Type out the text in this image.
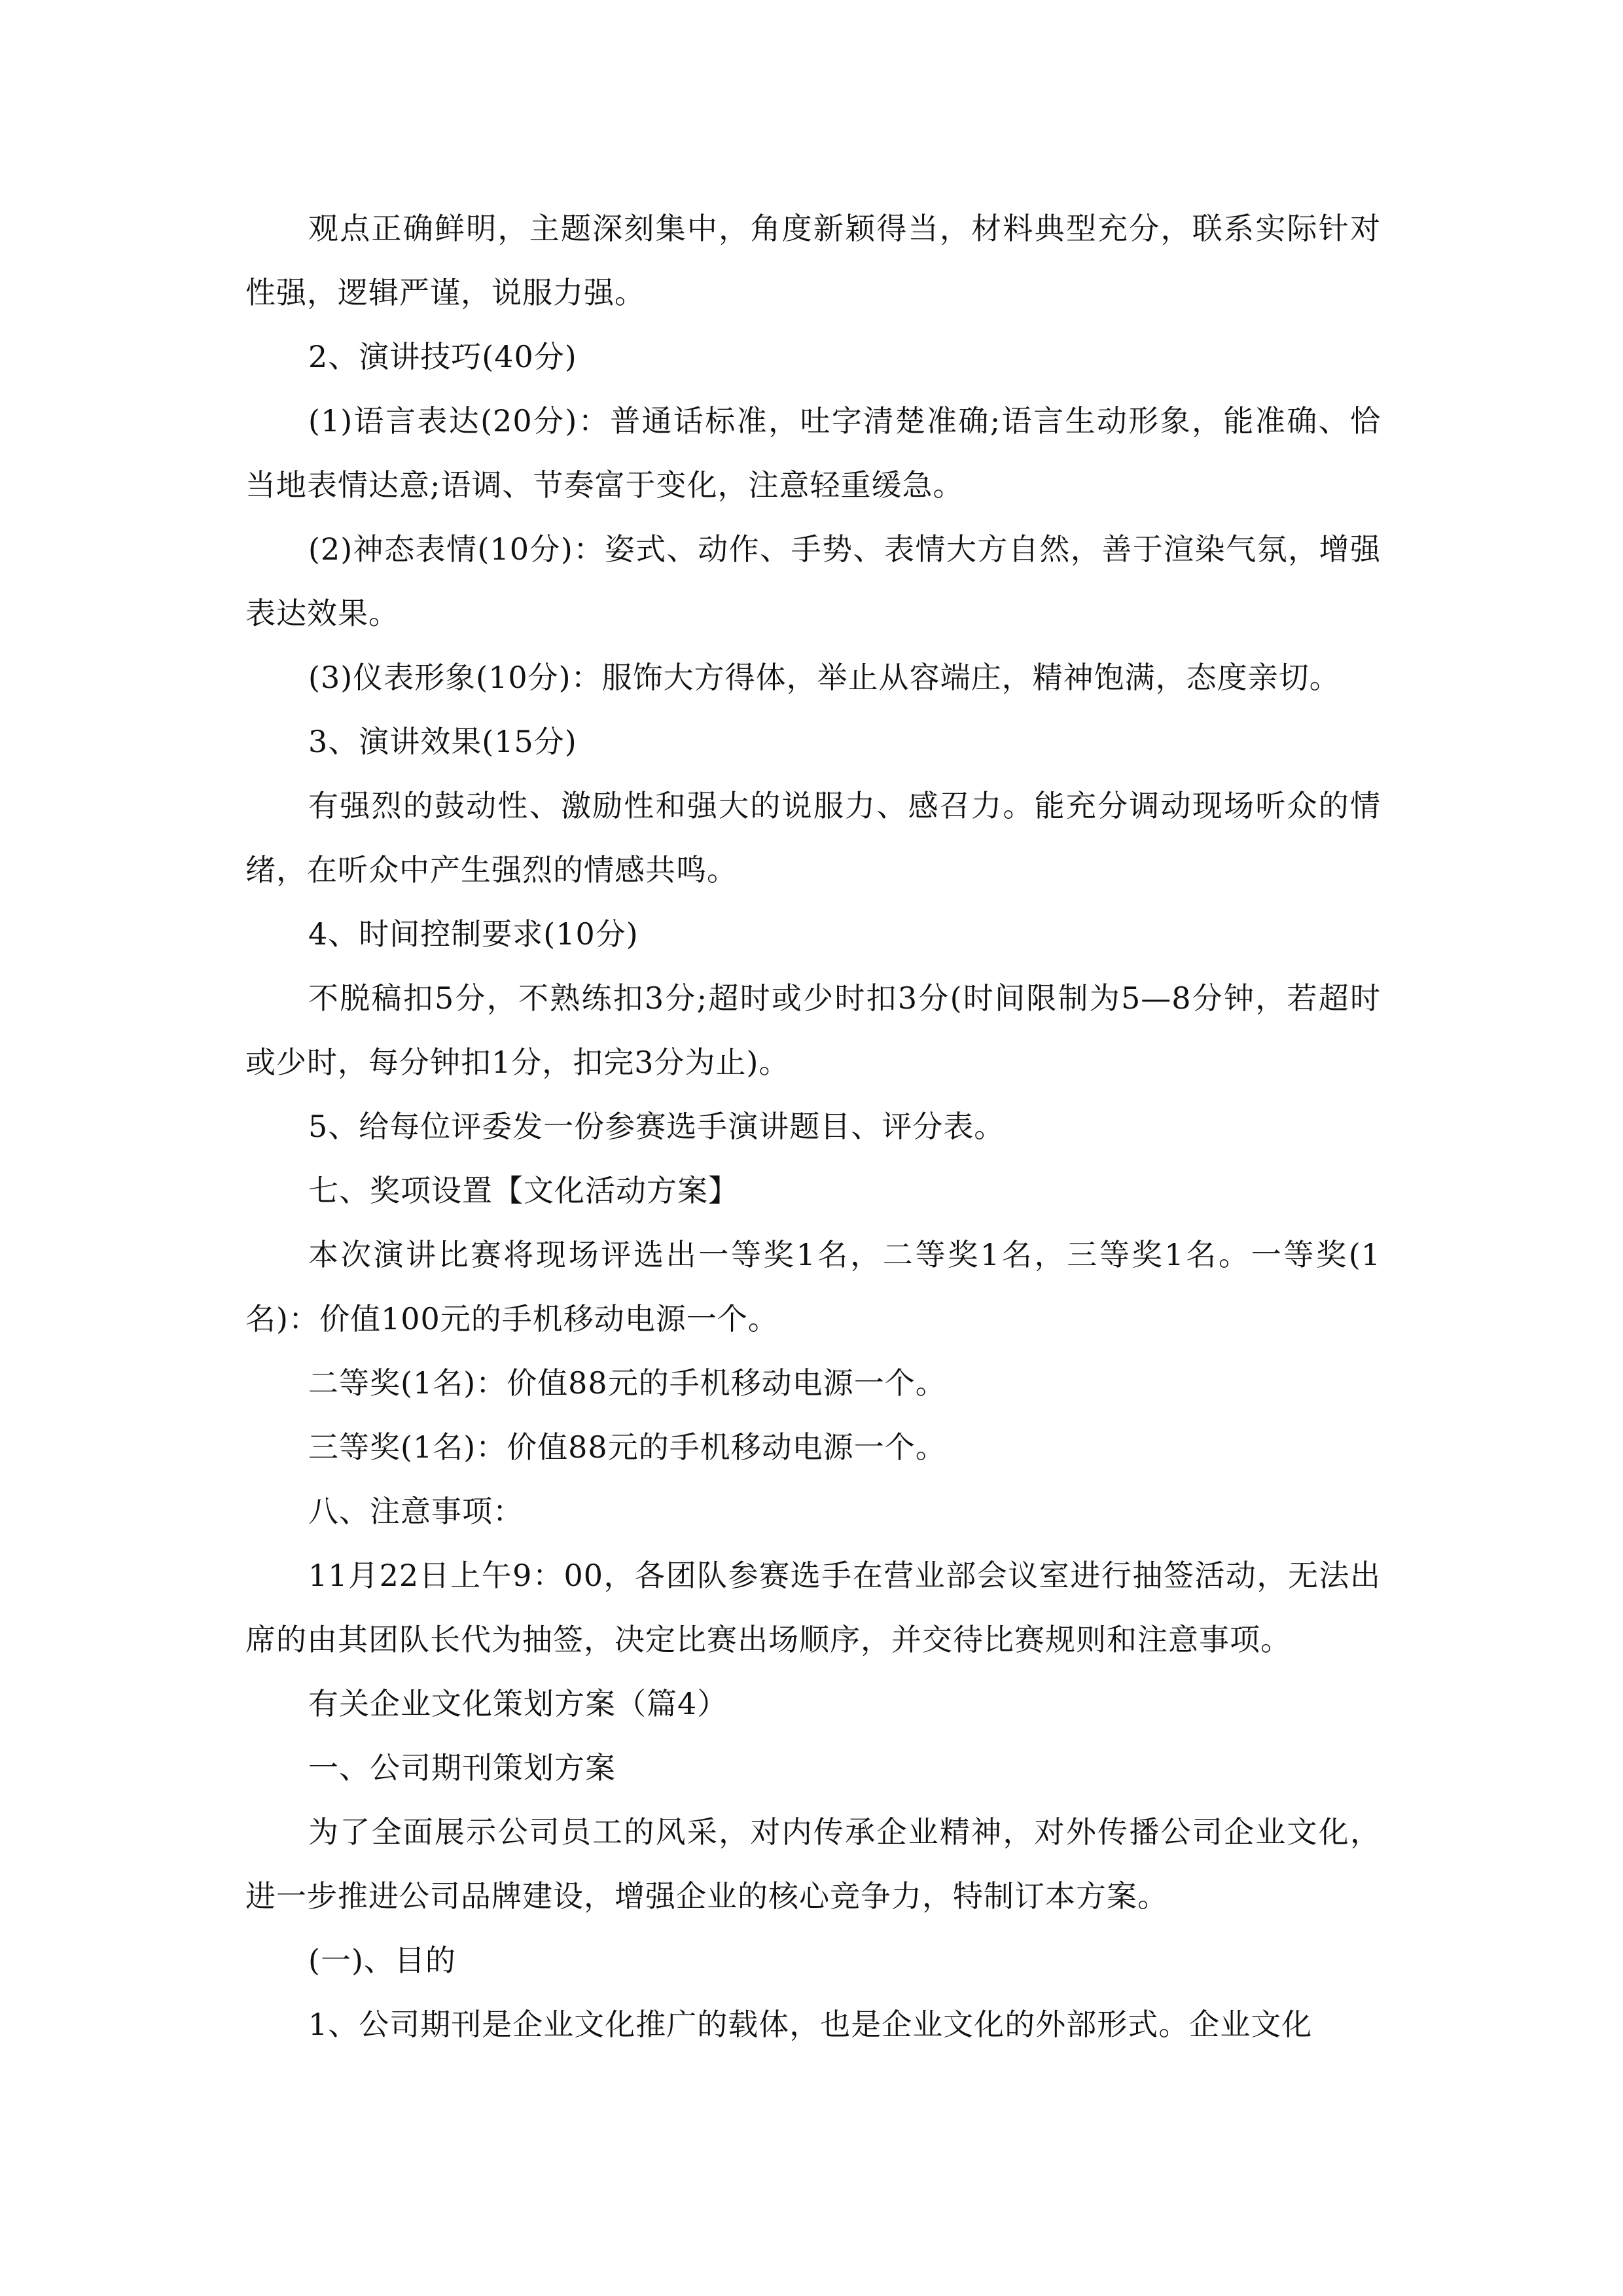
观点正确鲜明，主题深刻集中，角度新颖得当，材料典型充分，联系实际针对性强，逻辑严谨，说服力强。

2、演讲技巧(40分)

(1)语言表达(20分)：普通话标准，吐字清楚准确;语言生动形象，能准确、恰当地表情达意;语调、节奏富于变化，注意轻重缓急。

(2)神态表情(10分)：姿式、动作、手势、表情大方自然，善于渲染气氛，增强表达效果。

(3)仪表形象(10分)：服饰大方得体，举止从容端庄，精神饱满，态度亲切。

3、演讲效果(15分)

有强烈的鼓动性、激励性和强大的说服力、感召力。能充分调动现场听众的情绪，在听众中产生强烈的情感共鸣。

4、时间控制要求(10分)

不脱稿扣5分，不熟练扣3分;超时或少时扣3分(时间限制为5—8分钟，若超时或少时，每分钟扣1分，扣完3分为止)。

5、给每位评委发一份参赛选手演讲题目、评分表。

七、奖项设置【文化活动方案】

本次演讲比赛将现场评选出一等奖1名，二等奖1名，三等奖1名。一等奖(1名)：价值100元的手机移动电源一个。

二等奖(1名)：价值88元的手机移动电源一个。

三等奖(1名)：价值88元的手机移动电源一个。

八、注意事项：

11月22日上午9：00，各团队参赛选手在营业部会议室进行抽签活动，无法出席的由其团队长代为抽签，决定比赛出场顺序，并交待比赛规则和注意事项。

有关企业文化策划方案（篇4）

一、公司期刊策划方案

为了全面展示公司员工的风采，对内传承企业精神，对外传播公司企业文化，进一步推进公司品牌建设，增强企业的核心竞争力，特制订本方案。

(一)、目的

1、公司期刊是企业文化推广的载体，也是企业文化的外部形式。企业文化
